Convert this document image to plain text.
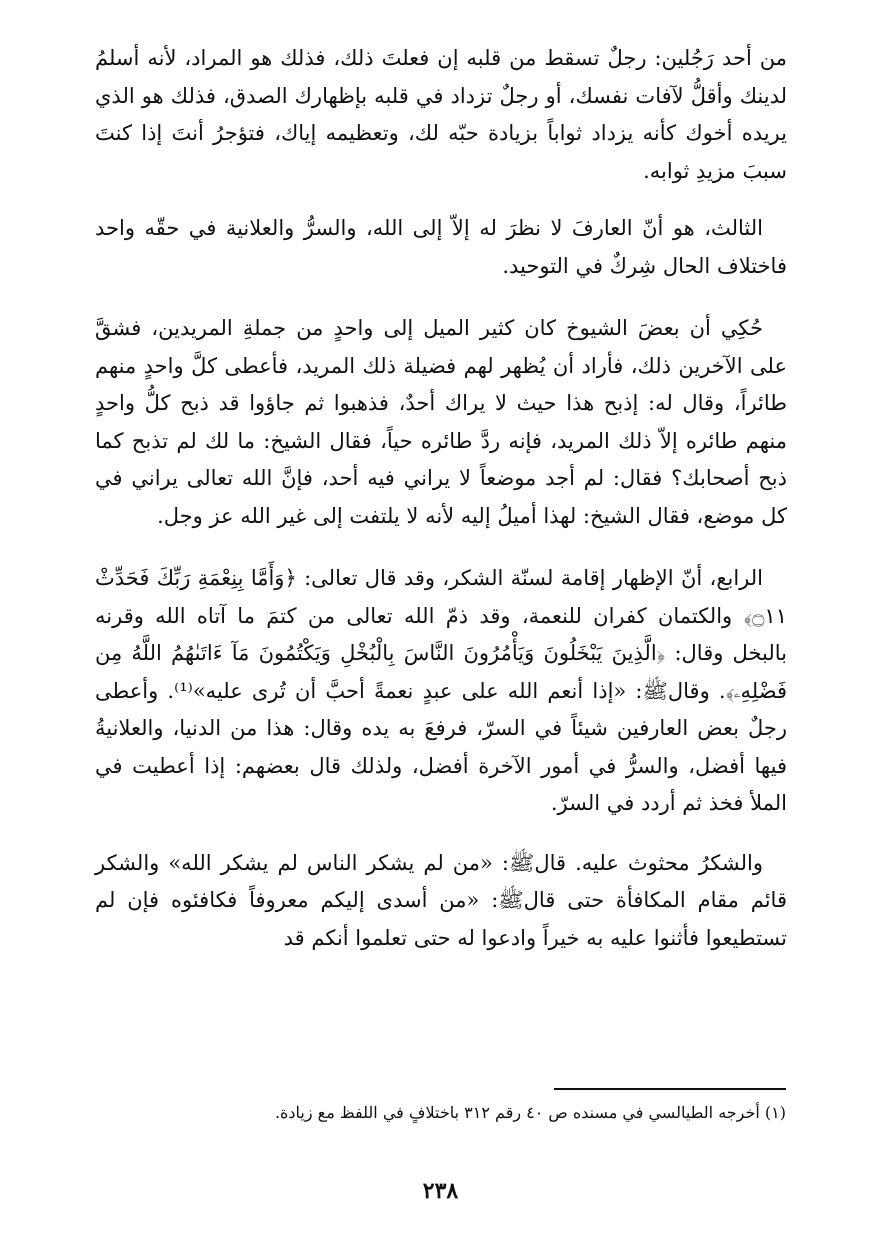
من أحد رَجُلين: رجلٌ تسقط من قلبه إن فعلتَ ذلك، فذلك هو المراد، لأنه أسلمُ لدينك وأقلُّ لآفات نفسك، أو رجلٌ تزداد في قلبه بإظهارك الصدق، فذلك هو الذي يريده أخوك كأنه يزداد ثواباً بزيادة حبّه لك، وتعظيمه إياك، فتؤجرُ أنتَ إذا كنتَ سببَ مزيدِ ثوابه.

الثالث، هو أنّ العارفَ لا نظرَ له إلاّ إلى الله، والسرُّ والعلانية في حقّه واحد فاختلاف الحال شِركٌ في التوحيد.

حُكِي أن بعضَ الشيوخ كان كثير الميل إلى واحدٍ من جملةِ المريدين، فشقَّ على الآخرين ذلك، فأراد أن يُظهر لهم فضيلة ذلك المريد، فأعطى كلَّ واحدٍ منهم طائراً، وقال له: إذبح هذا حيث لا يراك أحدٌ، فذهبوا ثم جاؤوا قد ذبح كلُّ واحدٍ منهم طائره إلاّ ذلك المريد، فإنه ردَّ طائره حياً، فقال الشيخ: ما لك لم تذبح كما ذبح أصحابك؟ فقال: لم أجد موضعاً لا يراني فيه أحد، فإنَّ الله تعالى يراني في كل موضع، فقال الشيخ: لهذا أميلُ إليه لأنه لا يلتفت إلى غير الله عز وجل.

الرابع، أنّ الإظهار إقامة لسنّة الشكر، وقد قال تعالى: ﴿وَأَمَّا بِنِعْمَةِ رَبِّكَ فَحَدِّثْ ۝١١﴾ والكتمان كفران للنعمة، وقد ذمّ الله تعالى من كتمَ ما آتاه الله وقرنه بالبخل وقال: ﴿الَّذِينَ يَبْخَلُونَ وَيَأْمُرُونَ النَّاسَ بِالْبُخْلِ وَيَكْتُمُونَ مَآ ءَاتَىٰهُمُ اللَّهُ مِن فَضْلِهِۦ﴾. وقالﷺ: «إذا أنعم الله على عبدٍ نعمةً أحبَّ أن تُرى عليه»⁽¹⁾. وأعطى رجلٌ بعض العارفين شيئاً في السرّ، فرفعَ به يده وقال: هذا من الدنيا، والعلانيةُ فيها أفضل، والسرُّ في أمور الآخرة أفضل، ولذلك قال بعضهم: إذا أعطيت في الملأ فخذ ثم أردد في السرّ.

والشكرُ محثوث عليه. قالﷺ: «من لم يشكر الناس لم يشكر الله» والشكر قائم مقام المكافأة حتى قالﷺ: «من أسدى إليكم معروفاً فكافئوه فإن لم تستطيعوا فأثنوا عليه به خيراً وادعوا له حتى تعلموا أنكم قد

(١) أخرجه الطيالسي في مسنده ص ٤٠ رقم ٣١٢ باختلافٍ في اللفظ مع زيادة.
٢٣٨
